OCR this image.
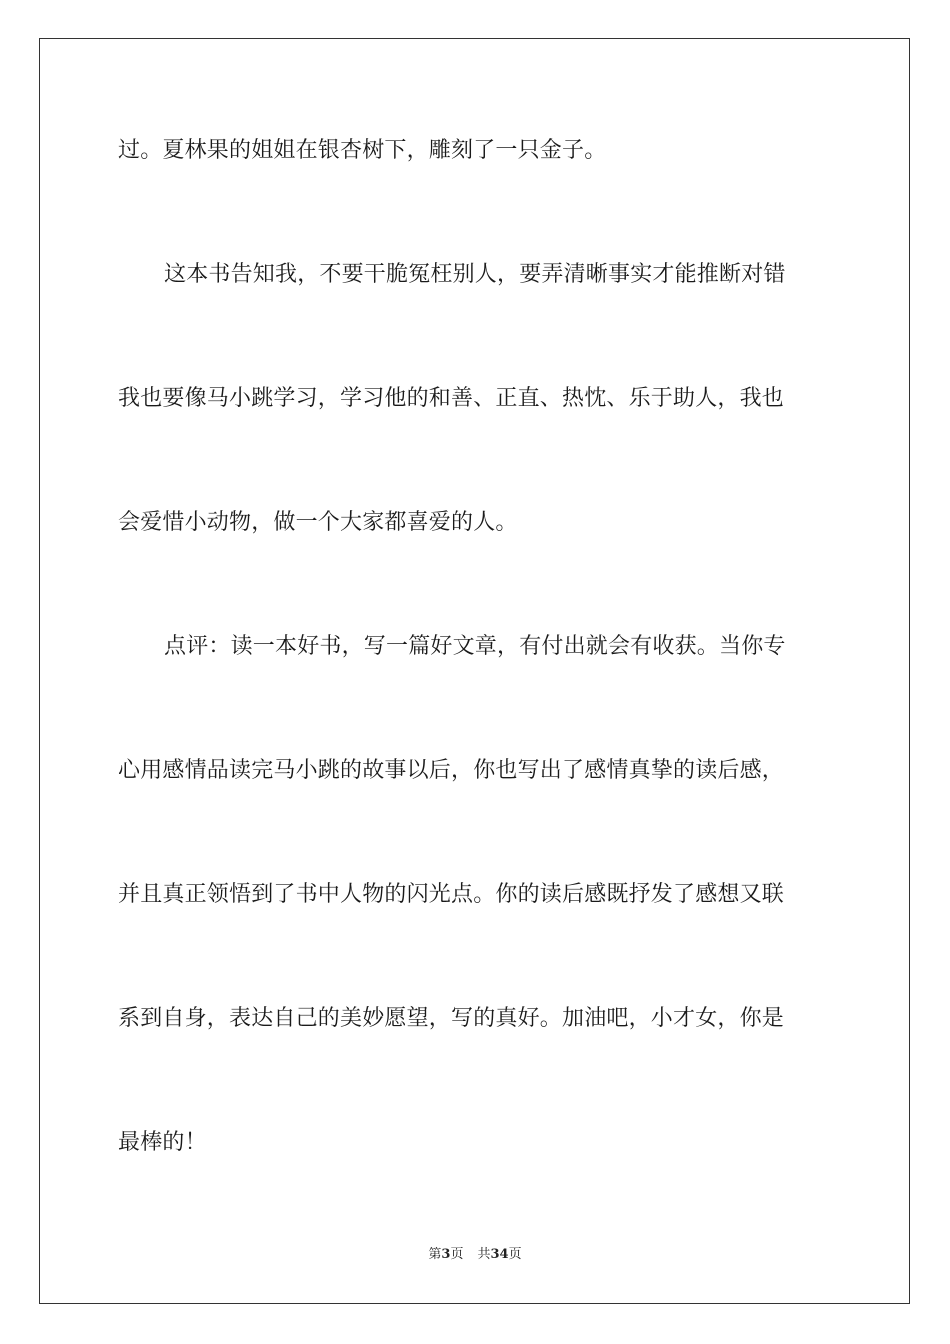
过。夏林果的姐姐在银杏树下，雕刻了一只金子。
这本书告知我，不要干脆冤枉别人，要弄清晰事实才能推断对错
我也要像马小跳学习，学习他的和善、正直、热忱、乐于助人，我也
会爱惜小动物，做一个大家都喜爱的人。
点评：读一本好书，写一篇好文章，有付出就会有收获。当你专
心用感情品读完马小跳的故事以后，你也写出了感情真挚的读后感，
并且真正领悟到了书中人物的闪光点。你的读后感既抒发了感想又联
系到自身，表达自己的美妙愿望，写的真好。加油吧，小才女，你是
最棒的！
第3页 共34页
